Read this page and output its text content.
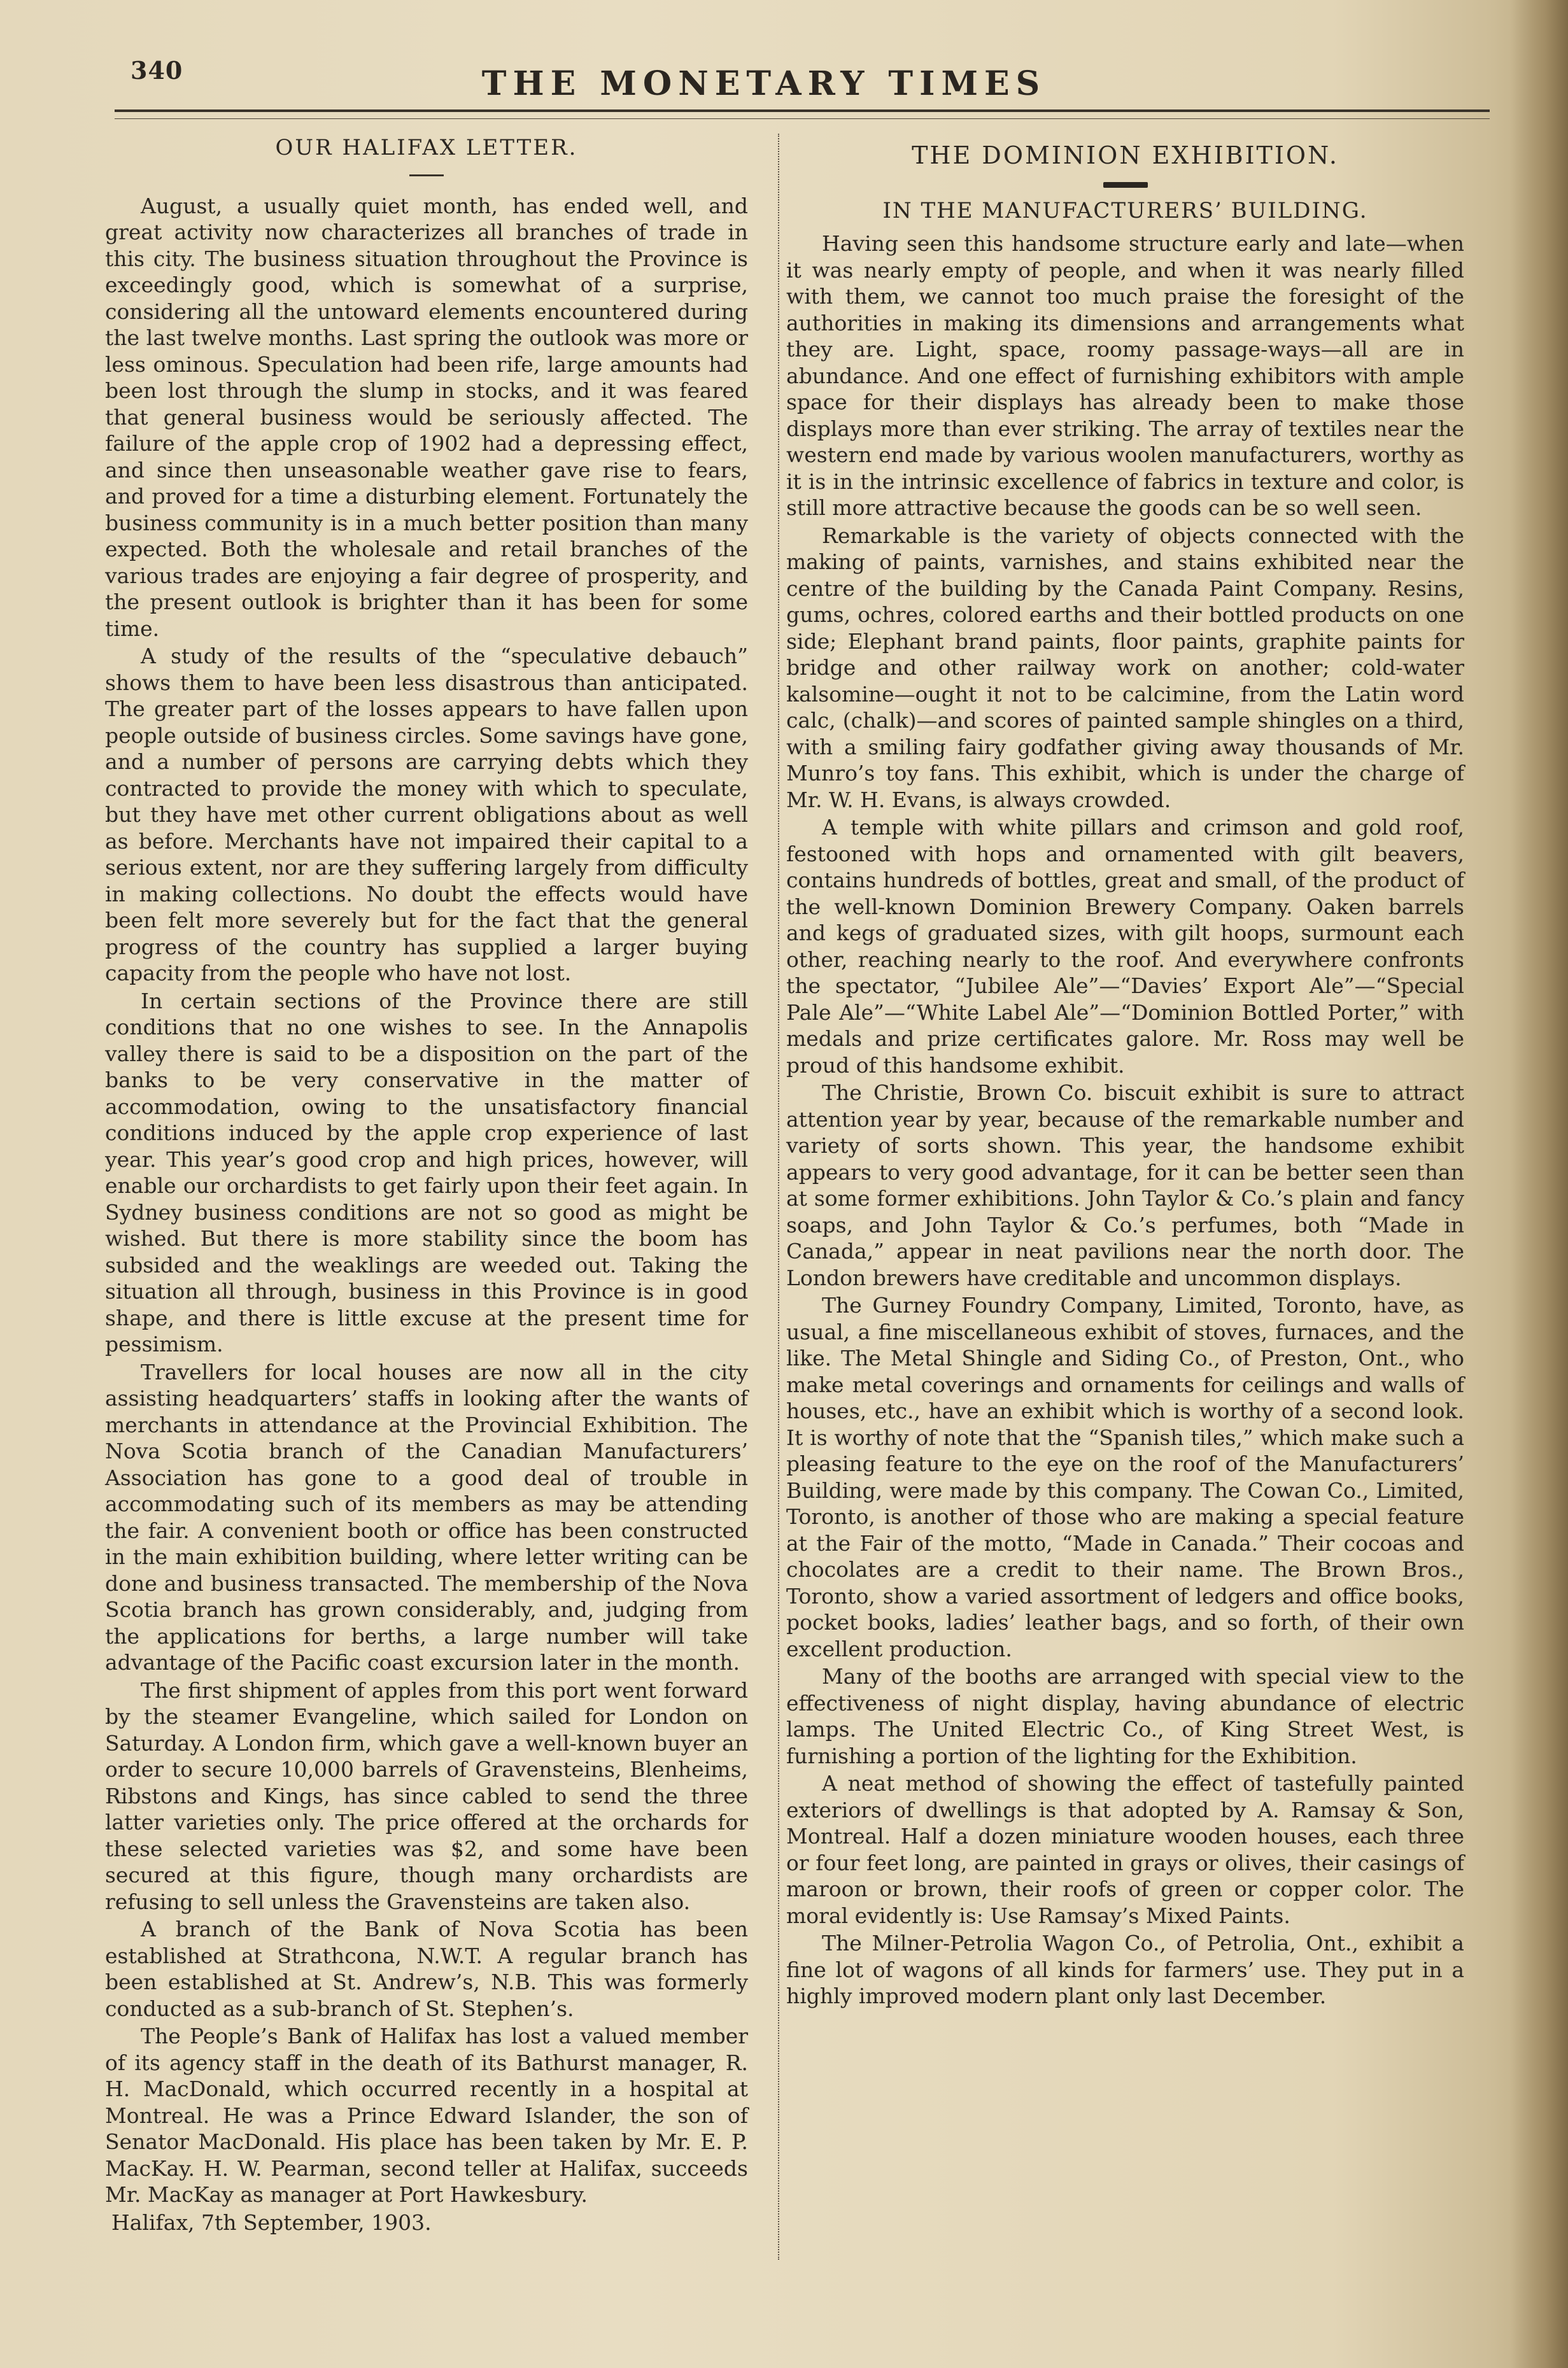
340	THE MONETARY TIMES
OUR HALIFAX LETTER.

August, a usually quiet month, has ended well, and great activity now characterizes all branches of trade in this city. The business situation throughout the Province is exceedingly good, which is somewhat of a surprise, considering all the untoward elements encountered during the last twelve months. Last spring the outlook was more or less ominous. Speculation had been rife, large amounts had been lost through the slump in stocks, and it was feared that general business would be seriously affected. The failure of the apple crop of 1902 had a depressing effect, and since then unseasonable weather gave rise to fears, and proved for a time a disturbing element. Fortunately the business community is in a much better position than many expected. Both the wholesale and retail branches of the various trades are enjoying a fair degree of prosperity, and the present outlook is brighter than it has been for some time.

A study of the results of the “speculative debauch” shows them to have been less disastrous than anticipated. The greater part of the losses appears to have fallen upon people outside of business circles. Some savings have gone, and a number of persons are carrying debts which they contracted to provide the money with which to speculate, but they have met other current obligations about as well as before. Merchants have not impaired their capital to a serious extent, nor are they suffering largely from difficulty in making collections. No doubt the effects would have been felt more severely but for the fact that the general progress of the country has supplied a larger buying capacity from the people who have not lost.

In certain sections of the Province there are still conditions that no one wishes to see. In the Annapolis valley there is said to be a disposition on the part of the banks to be very conservative in the matter of accommodation, owing to the unsatisfactory financial conditions induced by the apple crop experience of last year. This year’s good crop and high prices, however, will enable our orchardists to get fairly upon their feet again. In Sydney business conditions are not so good as might be wished. But there is more stability since the boom has subsided and the weaklings are weeded out. Taking the situation all through, business in this Province is in good shape, and there is little excuse at the present time for pessimism.

Travellers for local houses are now all in the city assisting headquarters’ staffs in looking after the wants of merchants in attendance at the Provincial Exhibition. The Nova Scotia branch of the Canadian Manufacturers’ Association has gone to a good deal of trouble in accommodating such of its members as may be attending the fair. A convenient booth or office has been constructed in the main exhibition building, where letter writing can be done and business transacted. The membership of the Nova Scotia branch has grown considerably, and, judging from the applications for berths, a large number will take advantage of the Pacific coast excursion later in the month.

The first shipment of apples from this port went forward by the steamer Evangeline, which sailed for London on Saturday. A London firm, which gave a well-known buyer an order to secure 10,000 barrels of Gravensteins, Blenheims, Ribstons and Kings, has since cabled to send the three latter varieties only. The price offered at the orchards for these selected varieties was $2, and some have been secured at this figure, though many orchardists are refusing to sell unless the Gravensteins are taken also.

A branch of the Bank of Nova Scotia has been established at Strathcona, N.W.T. A regular branch has been established at St. Andrew’s, N.B. This was formerly conducted as a sub-branch of St. Stephen’s.

The People’s Bank of Halifax has lost a valued member of its agency staff in the death of its Bathurst manager, R. H. MacDonald, which occurred recently in a hospital at Montreal. He was a Prince Edward Islander, the son of Senator MacDonald. His place has been taken by Mr. E. P. MacKay. H. W. Pearman, second teller at Halifax, succeeds Mr. MacKay as manager at Port Hawkesbury.

Halifax, 7th September, 1903.

THE DOMINION EXHIBITION.
IN THE MANUFACTURERS’ BUILDING.

Having seen this handsome structure early and late—when it was nearly empty of people, and when it was nearly filled with them, we cannot too much praise the foresight of the authorities in making its dimensions and arrangements what they are. Light, space, roomy passage-ways—all are in abundance. And one effect of furnishing exhibitors with ample space for their displays has already been to make those displays more than ever striking. The array of textiles near the western end made by various woolen manufacturers, worthy as it is in the intrinsic excellence of fabrics in texture and color, is still more attractive because the goods can be so well seen.

Remarkable is the variety of objects connected with the making of paints, varnishes, and stains exhibited near the centre of the building by the Canada Paint Company. Resins, gums, ochres, colored earths and their bottled products on one side; Elephant brand paints, floor paints, graphite paints for bridge and other railway work on another; cold-water kalsomine—ought it not to be calcimine, from the Latin word calc, (chalk)—and scores of painted sample shingles on a third, with a smiling fairy godfather giving away thousands of Mr. Munro’s toy fans. This exhibit, which is under the charge of Mr. W. H. Evans, is always crowded.

A temple with white pillars and crimson and gold roof, festooned with hops and ornamented with gilt beavers, contains hundreds of bottles, great and small, of the product of the well-known Dominion Brewery Company. Oaken barrels and kegs of graduated sizes, with gilt hoops, surmount each other, reaching nearly to the roof. And everywhere confronts the spectator, “Jubilee Ale”—“Davies’ Export Ale”—“Special Pale Ale”—“White Label Ale”—“Dominion Bottled Porter,” with medals and prize certificates galore. Mr. Ross may well be proud of this handsome exhibit.

The Christie, Brown Co. biscuit exhibit is sure to attract attention year by year, because of the remarkable number and variety of sorts shown. This year, the handsome exhibit appears to very good advantage, for it can be better seen than at some former exhibitions. John Taylor & Co.’s plain and fancy soaps, and John Taylor & Co.’s perfumes, both “Made in Canada,” appear in neat pavilions near the north door. The London brewers have creditable and uncommon displays.

The Gurney Foundry Company, Limited, Toronto, have, as usual, a fine miscellaneous exhibit of stoves, furnaces, and the like. The Metal Shingle and Siding Co., of Preston, Ont., who make metal coverings and ornaments for ceilings and walls of houses, etc., have an exhibit which is worthy of a second look. It is worthy of note that the “Spanish tiles,” which make such a pleasing feature to the eye on the roof of the Manufacturers’ Building, were made by this company. The Cowan Co., Limited, Toronto, is another of those who are making a special feature at the Fair of the motto, “Made in Canada.” Their cocoas and chocolates are a credit to their name. The Brown Bros., Toronto, show a varied assortment of ledgers and office books, pocket books, ladies’ leather bags, and so forth, of their own excellent production.

Many of the booths are arranged with special view to the effectiveness of night display, having abundance of electric lamps. The United Electric Co., of King Street West, is furnishing a portion of the lighting for the Exhibition.

A neat method of showing the effect of tastefully painted exteriors of dwellings is that adopted by A. Ramsay & Son, Montreal. Half a dozen miniature wooden houses, each three or four feet long, are painted in grays or olives, their casings of maroon or brown, their roofs of green or copper color. The moral evidently is: Use Ramsay’s Mixed Paints.

The Milner-Petrolia Wagon Co., of Petrolia, Ont., exhibit a fine lot of wagons of all kinds for farmers’ use. They put in a highly improved modern plant only last December.
